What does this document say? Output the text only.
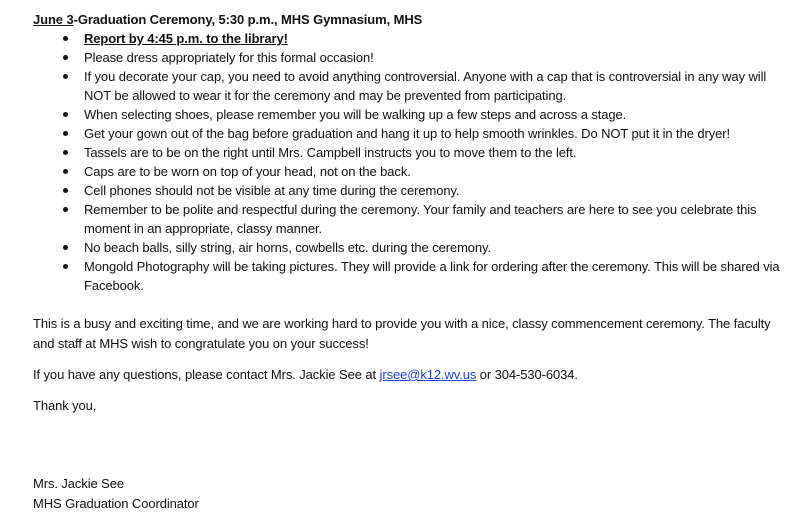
June 3-Graduation Ceremony, 5:30 p.m., MHS Gymnasium, MHS

Report by 4:45 p.m. to the library!
Please dress appropriately for this formal occasion!
If you decorate your cap, you need to avoid anything controversial. Anyone with a cap that is controversial in any way will NOT be allowed to wear it for the ceremony and may be prevented from participating.
When selecting shoes, please remember you will be walking up a few steps and across a stage.
Get your gown out of the bag before graduation and hang it up to help smooth wrinkles. Do NOT put it in the dryer!
Tassels are to be on the right until Mrs. Campbell instructs you to move them to the left.
Caps are to be worn on top of your head, not on the back.
Cell phones should not be visible at any time during the ceremony.
Remember to be polite and respectful during the ceremony. Your family and teachers are here to see you celebrate this moment in an appropriate, classy manner.
No beach balls, silly string, air horns, cowbells etc. during the ceremony.
Mongold Photography will be taking pictures. They will provide a link for ordering after the ceremony. This will be shared via Facebook.

This is a busy and exciting time, and we are working hard to provide you with a nice, classy commencement ceremony. The faculty and staff at MHS wish to congratulate you on your success!

If you have any questions, please contact Mrs. Jackie See at jrsee@k12.wv.us or 304-530-6034.

Thank you,

Mrs. Jackie See

MHS Graduation Coordinator
